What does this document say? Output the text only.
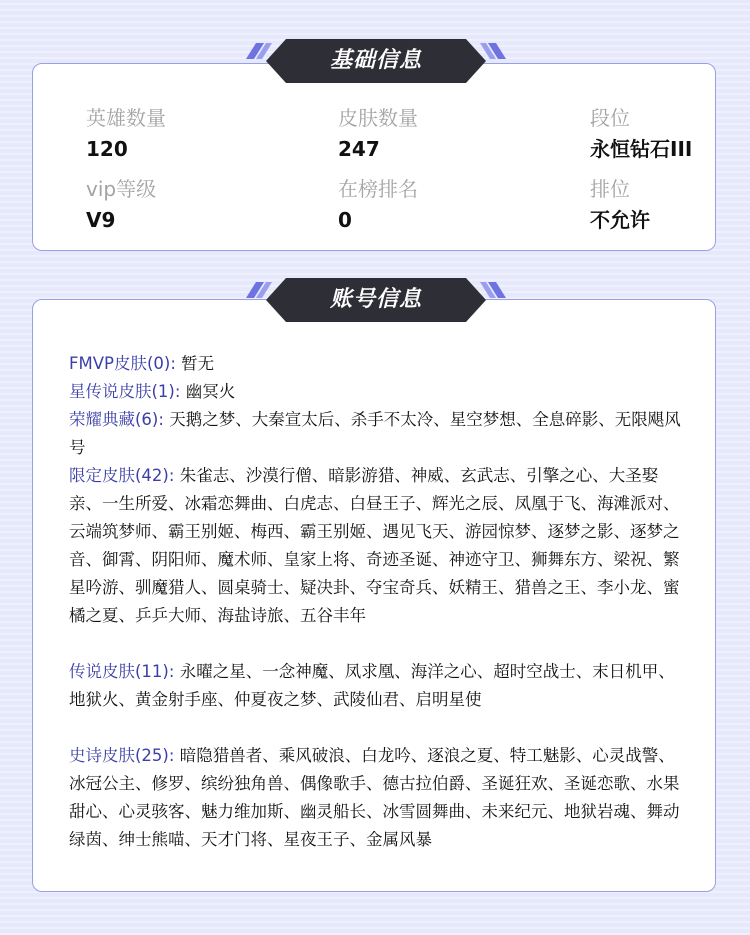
英雄数量
120
皮肤数量
247
段位
永恒钻石III
vip等级
V9
在榜排名
0
排位
不允许

FMVP皮肤(0): 暂无

星传说皮肤(1): 幽冥火

荣耀典藏(6): 天鹅之梦、大秦宣太后、杀手不太冷、星空梦想、全息碎影、无限飓风号

限定皮肤(42): 朱雀志、沙漠行僧、暗影游猎、神威、玄武志、引擎之心、大圣娶亲、一生所爱、冰霜恋舞曲、白虎志、白昼王子、辉光之辰、凤凰于飞、海滩派对、云端筑梦师、霸王别姬、梅西、霸王别姬、遇见飞天、游园惊梦、逐梦之影、逐梦之音、御霄、阴阳师、魔术师、皇家上将、奇迹圣诞、神迹守卫、狮舞东方、梁祝、繁星吟游、驯魔猎人、圆桌骑士、疑决卦、夺宝奇兵、妖精王、猎兽之王、李小龙、蜜橘之夏、乒乒大师、海盐诗旅、五谷丰年

传说皮肤(11): 永曜之星、一念神魔、凤求凰、海洋之心、超时空战士、末日机甲、地狱火、黄金射手座、仲夏夜之梦、武陵仙君、启明星使

史诗皮肤(25): 暗隐猎兽者、乘风破浪、白龙吟、逐浪之夏、特工魅影、心灵战警、冰冠公主、修罗、缤纷独角兽、偶像歌手、德古拉伯爵、圣诞狂欢、圣诞恋歌、水果甜心、心灵骇客、魅力维加斯、幽灵船长、冰雪圆舞曲、未来纪元、地狱岩魂、舞动绿茵、绅士熊喵、天才门将、星夜王子、金属风暴

基础信息
账号信息
